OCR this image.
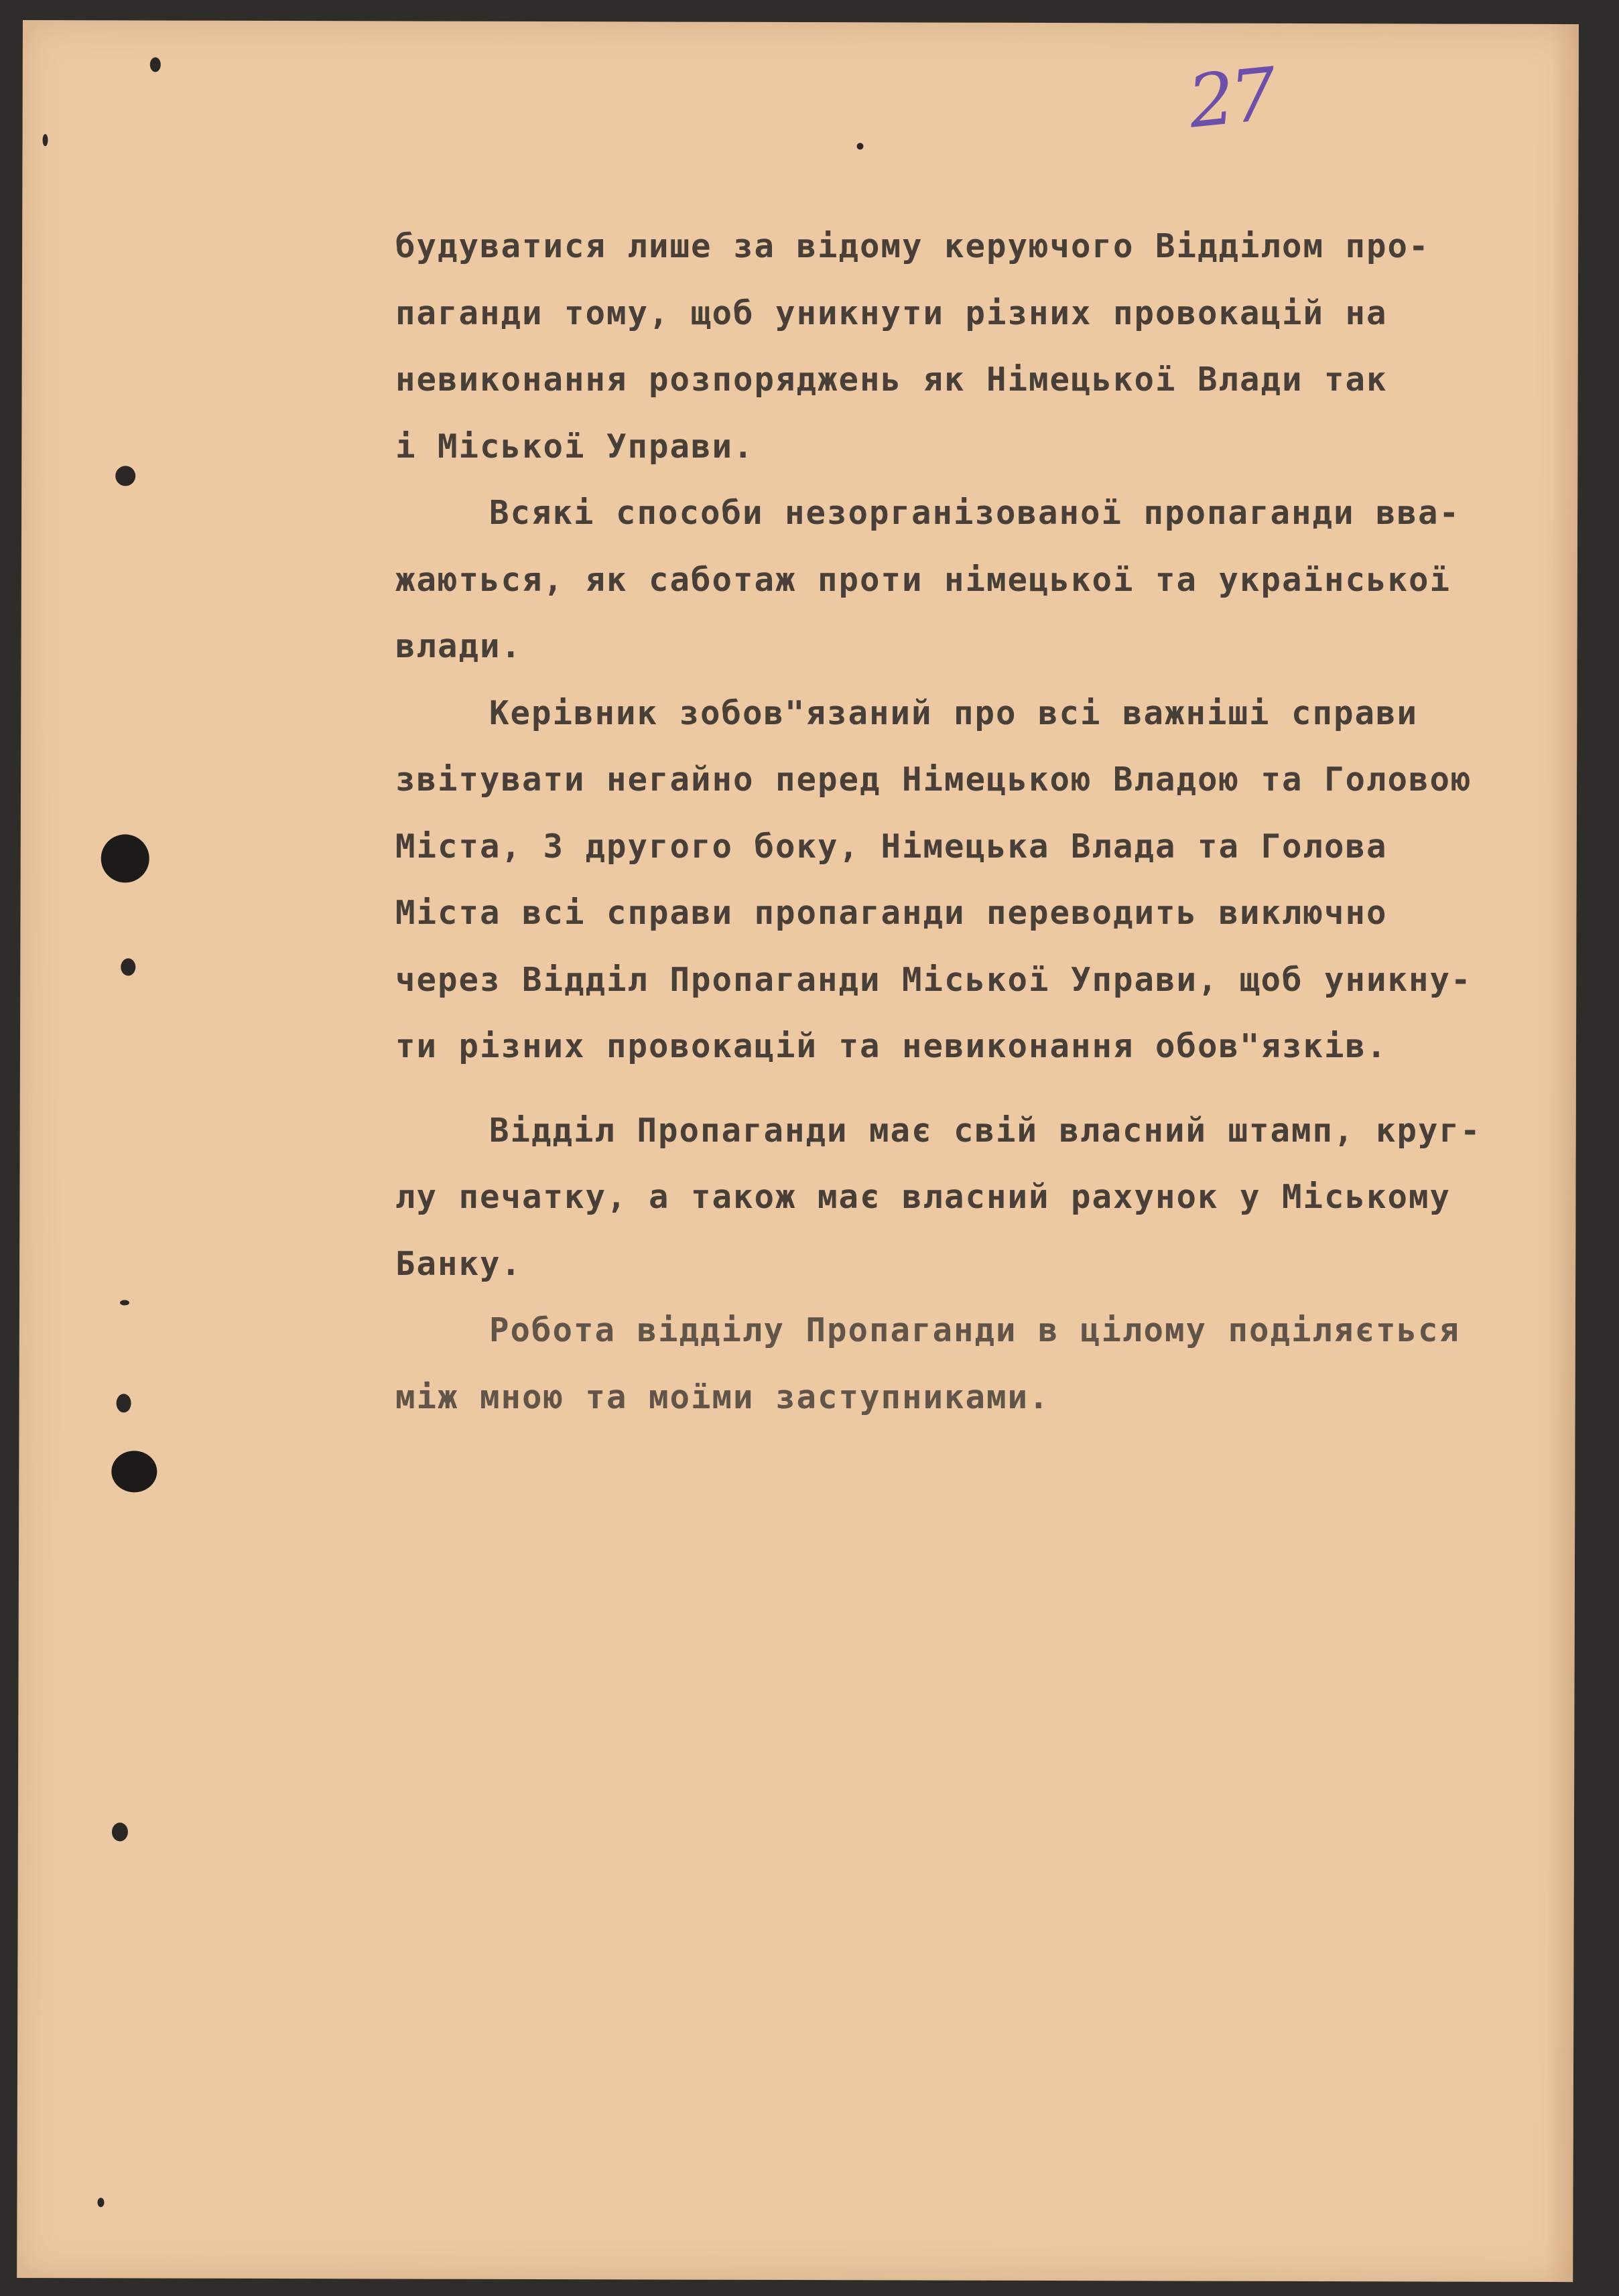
27
будуватися лише за відому керуючого Відділом про-
паганди тому, щоб уникнути різних провокацій на
невиконання розпоряджень як Німецької Влади так
і Міської Управи.
Всякі способи незорганізованої пропаганди вва-
жаються, як саботаж проти німецької та української
влади.
Керівник зобов"язаний про всі важніші справи
звітувати негайно перед Німецькою Владою та Головою
Міста, З другого боку, Німецька Влада та Голова
Міста всі справи пропаганди переводить виключно
через Відділ Пропаганди Міської Управи, щоб уникну-
ти різних провокацій та невиконання обов"язків.
Відділ Пропаганди має свій власний штамп, круг-
лу печатку, а також має власний рахунок у Міському
Банку.
Робота відділу Пропаганди в цілому поділяється
між мною та моїми заступниками.
